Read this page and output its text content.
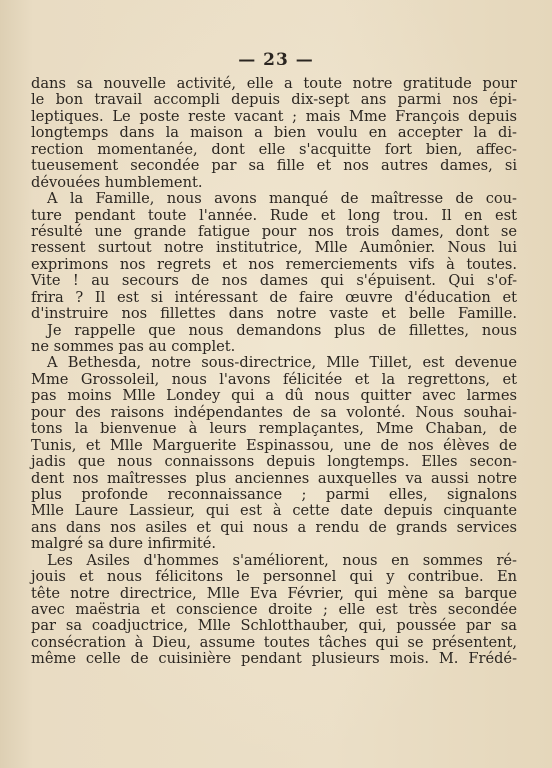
— 23 —
dans sa nouvelle activité, elle a toute notre gratitude pour
le bon travail accompli depuis dix-sept ans parmi nos épi-
leptiques. Le poste reste vacant ; mais Mme François depuis
longtemps dans la maison a bien voulu en accepter la di-
rection momentanée, dont elle s'acquitte fort bien, affec-
tueusement secondée par sa fille et nos autres dames, si
dévouées humblement.
A la Famille, nous avons manqué de maîtresse de cou-
ture pendant toute l'année. Rude et long trou. Il en est
résulté une grande fatigue pour nos trois dames, dont se
ressent surtout notre institutrice, Mlle Aumônier. Nous lui
exprimons nos regrets et nos remerciements vifs à toutes.
Vite ! au secours de nos dames qui s'épuisent. Qui s'of-
frira ? Il est si intéressant de faire œuvre d'éducation et
d'instruire nos fillettes dans notre vaste et belle Famille.
Je rappelle que nous demandons plus de fillettes, nous
ne sommes pas au complet.
A Bethesda, notre sous-directrice, Mlle Tillet, est devenue
Mme Grossoleil, nous l'avons félicitée et la regrettons, et
pas moins Mlle Londey qui a dû nous quitter avec larmes
pour des raisons indépendantes de sa volonté. Nous souhai-
tons la bienvenue à leurs remplaçantes, Mme Chaban, de
Tunis, et Mlle Marguerite Espinassou, une de nos élèves de
jadis que nous connaissons depuis longtemps. Elles secon-
dent nos maîtresses plus anciennes auxquelles va aussi notre
plus profonde reconnaissance ; parmi elles, signalons
Mlle Laure Lassieur, qui est à cette date depuis cinquante
ans dans nos asiles et qui nous a rendu de grands services
malgré sa dure infirmité.
Les Asiles d'hommes s'améliorent, nous en sommes ré-
jouis et nous félicitons le personnel qui y contribue. En
tête notre directrice, Mlle Eva Février, qui mène sa barque
avec maëstria et conscience droite ; elle est très secondée
par sa coadjuctrice, Mlle Schlotthauber, qui, poussée par sa
consécration à Dieu, assume toutes tâches qui se présentent,
même celle de cuisinière pendant plusieurs mois. M. Frédé-
